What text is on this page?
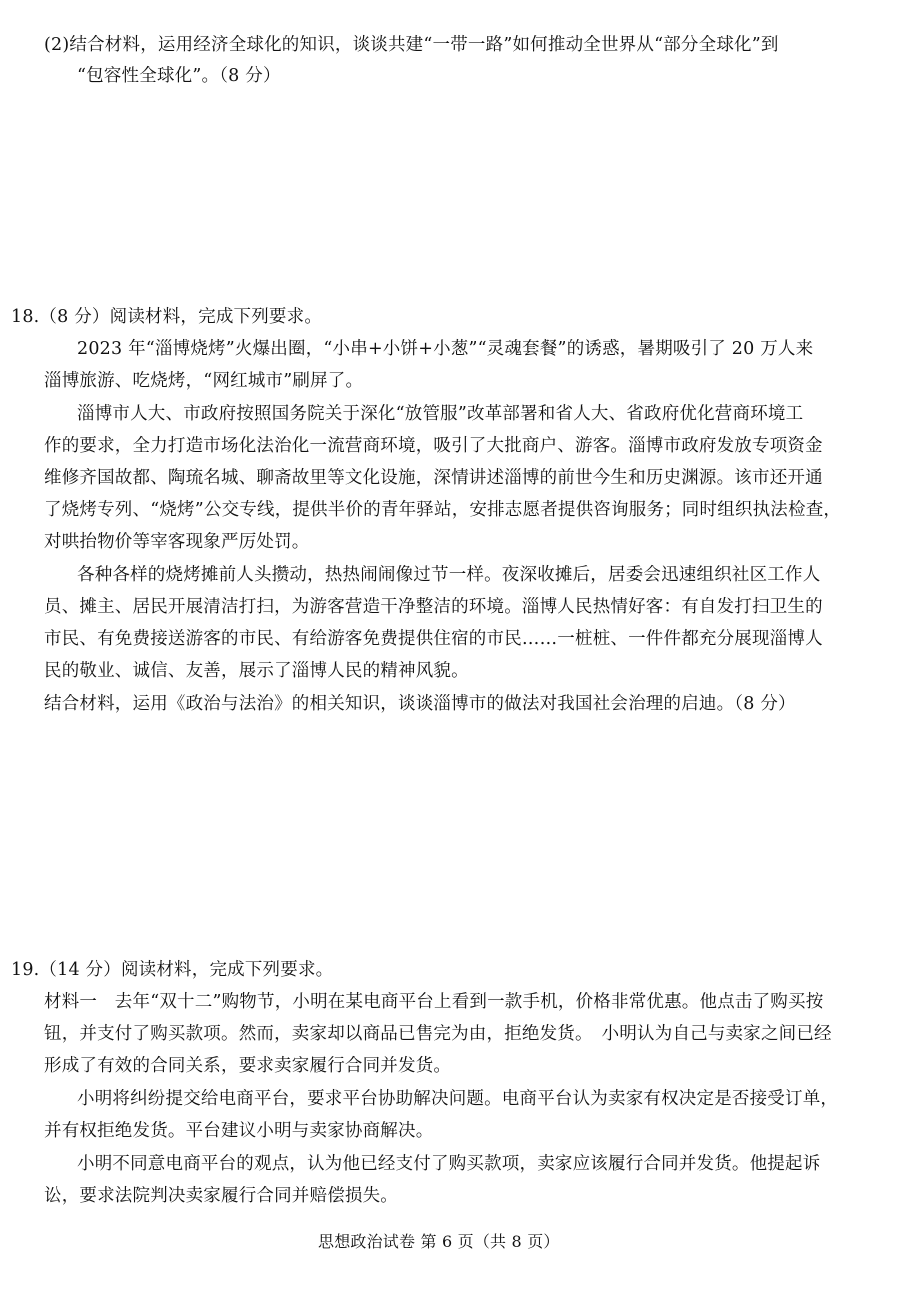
(2)结合材料，运用经济全球化的知识，谈谈共建“一带一路”如何推动全世界从“部分全球化”到
“包容性全球化”。（8 分）
18.（8 分）阅读材料，完成下列要求。
2023 年“淄博烧烤”火爆出圈，“小串+小饼+小葱”“灵魂套餐”的诱惑，暑期吸引了 20 万人来
淄博旅游、吃烧烤，“网红城市”刷屏了。
淄博市人大、市政府按照国务院关于深化“放管服”改革部署和省人大、省政府优化营商环境工
作的要求，全力打造市场化法治化一流营商环境，吸引了大批商户、游客。淄博市政府发放专项资金
维修齐国故都、陶琉名城、聊斋故里等文化设施，深情讲述淄博的前世今生和历史渊源。该市还开通
了烧烤专列、“烧烤”公交专线，提供半价的青年驿站，安排志愿者提供咨询服务；同时组织执法检查，
对哄抬物价等宰客现象严厉处罚。
各种各样的烧烤摊前人头攒动，热热闹闹像过节一样。夜深收摊后，居委会迅速组织社区工作人
员、摊主、居民开展清洁打扫，为游客营造干净整洁的环境。淄博人民热情好客：有自发打扫卫生的
市民、有免费接送游客的市民、有给游客免费提供住宿的市民……一桩桩、一件件都充分展现淄博人
民的敬业、诚信、友善，展示了淄博人民的精神风貌。
结合材料，运用《政治与法治》的相关知识，谈谈淄博市的做法对我国社会治理的启迪。（8 分）
19.（14 分）阅读材料，完成下列要求。
材料一　去年“双十二”购物节，小明在某电商平台上看到一款手机，价格非常优惠。他点击了购买按
钮，并支付了购买款项。然而，卖家却以商品已售完为由，拒绝发货。　小明认为自己与卖家之间已经
形成了有效的合同关系，要求卖家履行合同并发货。
小明将纠纷提交给电商平台，要求平台协助解决问题。电商平台认为卖家有权决定是否接受订单，
并有权拒绝发货。平台建议小明与卖家协商解决。
小明不同意电商平台的观点，认为他已经支付了购买款项，卖家应该履行合同并发货。他提起诉
讼，要求法院判决卖家履行合同并赔偿损失。
思想政治试卷 第 6 页（共 8 页）
